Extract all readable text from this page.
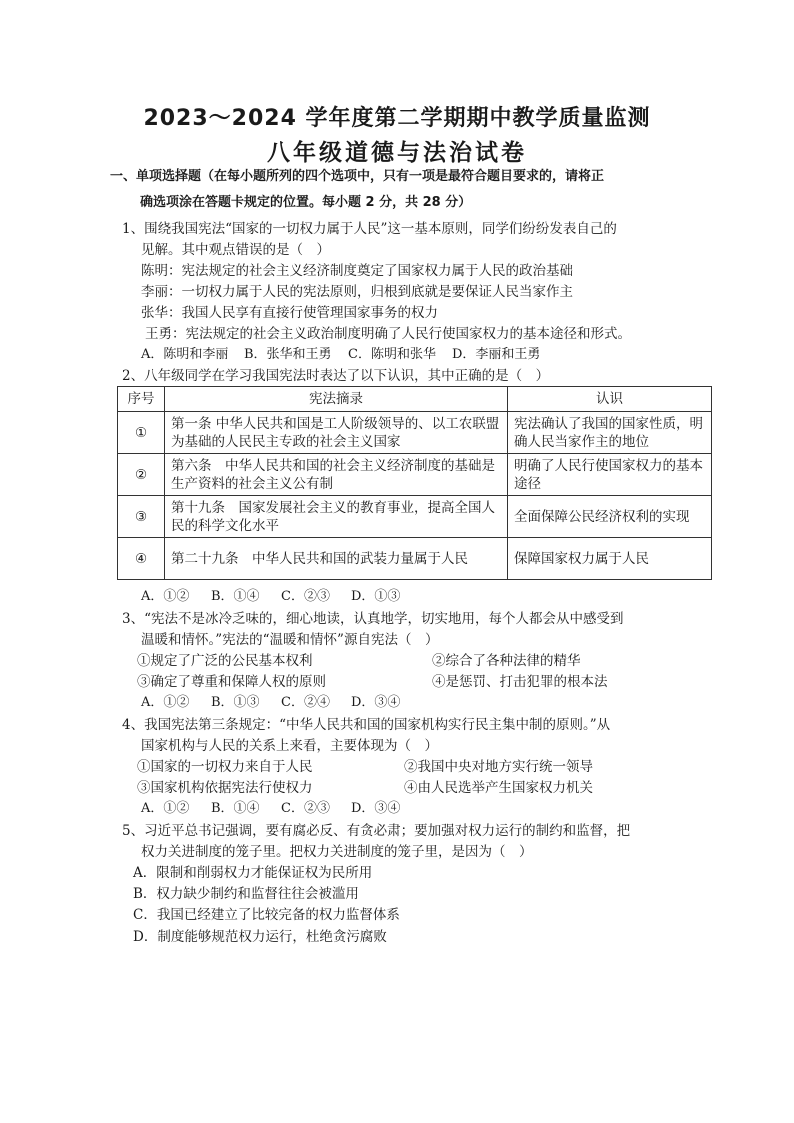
2023～2024 学年度第二学期期中教学质量监测
八年级道德与法治试卷
一、单项选择题（在每小题所列的四个选项中，只有一项是最符合题目要求的，请将正
确选项涂在答题卡规定的位置。每小题 2 分，共 28 分）
1、围绕我国宪法“国家的一切权力属于人民”这一基本原则，同学们纷纷发表自己的
见解。其中观点错误的是（　）
陈明：宪法规定的社会主义经济制度奠定了国家权力属于人民的政治基础
李丽：一切权力属于人民的宪法原则，归根到底就是要保证人民当家作主
张华：我国人民享有直接行使管理国家事务的权力
王勇：宪法规定的社会主义政治制度明确了人民行使国家权力的基本途径和形式。
A．陈明和李丽 B．张华和王勇 C．陈明和张华 D．李丽和王勇
2、八年级同学在学习我国宪法时表达了以下认识，其中正确的是（　）
序号	宪法摘录	认识
①	第一条 中华人民共和国是工人阶级领导的、以工农联盟为基础的人民民主专政的社会主义国家	宪法确认了我国的国家性质，明确人民当家作主的地位
②	第六条　中华人民共和国的社会主义经济制度的基础是生产资料的社会主义公有制	明确了人民行使国家权力的基本途径
③	第十九条　国家发展社会主义的教育事业，提高全国人民的科学文化水平	全面保障公民经济权利的实现
④	第二十九条　中华人民共和国的武装力量属于人民	保障国家权力属于人民
A．①② B．①④ C．②③ D．①③
3、“宪法不是冰冷乏味的，细心地读，认真地学，切实地用，每个人都会从中感受到
温暖和情怀。”宪法的“温暖和情怀”源自宪法（　）
①规定了广泛的公民基本权利	②综合了各种法律的精华
③确定了尊重和保障人权的原则	④是惩罚、打击犯罪的根本法
A．①② B．①③ C．②④ D．③④
4、我国宪法第三条规定：“中华人民共和国的国家机构实行民主集中制的原则。”从
国家机构与人民的关系上来看，主要体现为（　）
①国家的一切权力来自于人民	②我国中央对地方实行统一领导
③国家机构依据宪法行使权力	④由人民选举产生国家权力机关
A．①② B．①④ C．②③ D．③④
5、习近平总书记强调，要有腐必反、有贪必肃；要加强对权力运行的制约和监督，把
权力关进制度的笼子里。把权力关进制度的笼子里，是因为（　）
A．限制和削弱权力才能保证权为民所用
B．权力缺少制约和监督往往会被滥用
C．我国已经建立了比较完备的权力监督体系
D．制度能够规范权力运行，杜绝贪污腐败
